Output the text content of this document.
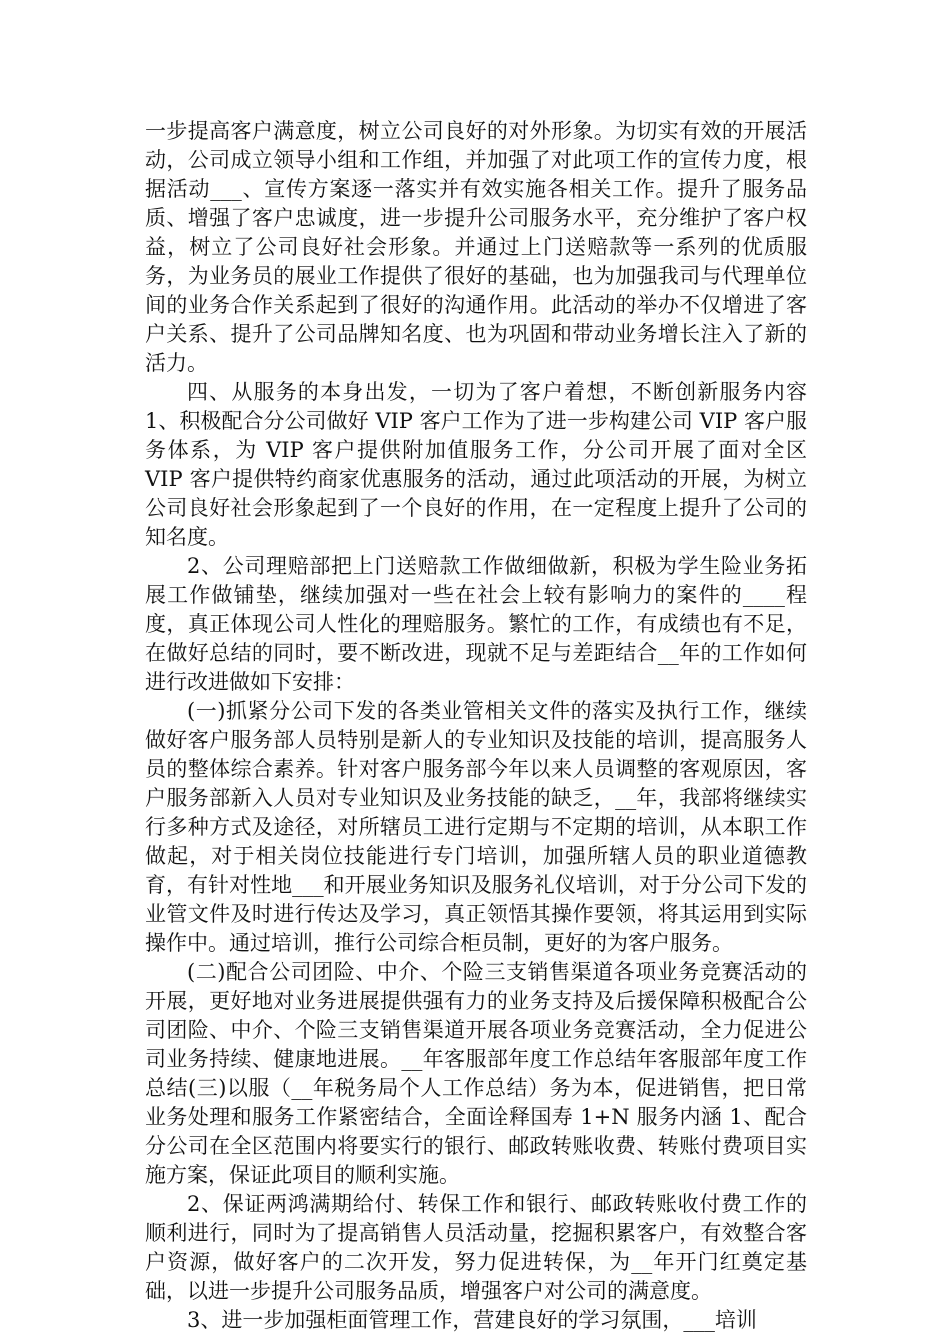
一步提高客户满意度，树立公司良好的对外形象。为切实有效的开展活动，公司成立领导小组和工作组，并加强了对此项工作的宣传力度，根据活动___、宣传方案逐一落实并有效实施各相关工作。提升了服务品质、增强了客户忠诚度，进一步提升公司服务水平，充分维护了客户权益，树立了公司良好社会形象。并通过上门送赔款等一系列的优质服务，为业务员的展业工作提供了很好的基础，也为加强我司与代理单位间的业务合作关系起到了很好的沟通作用。此活动的举办不仅增进了客户关系、提升了公司品牌知名度、也为巩固和带动业务增长注入了新的活力。

四、从服务的本身出发，一切为了客户着想，不断创新服务内容 1、积极配合分公司做好 VIP 客户工作为了进一步构建公司 VIP 客户服务体系，为 VIP 客户提供附加值服务工作，分公司开展了面对全区 VIP 客户提供特约商家优惠服务的活动，通过此项活动的开展，为树立公司良好社会形象起到了一个良好的作用，在一定程度上提升了公司的知名度。

2、公司理赔部把上门送赔款工作做细做新，积极为学生险业务拓展工作做铺垫，继续加强对一些在社会上较有影响力的案件的____程度，真正体现公司人性化的理赔服务。繁忙的工作，有成绩也有不足，在做好总结的同时，要不断改进，现就不足与差距结合__年的工作如何进行改进做如下安排：

(一)抓紧分公司下发的各类业管相关文件的落实及执行工作，继续做好客户服务部人员特别是新人的专业知识及技能的培训，提高服务人员的整体综合素养。针对客户服务部今年以来人员调整的客观原因，客户服务部新入人员对专业知识及业务技能的缺乏，__年，我部将继续实行多种方式及途径，对所辖员工进行定期与不定期的培训，从本职工作做起，对于相关岗位技能进行专门培训，加强所辖人员的职业道德教育，有针对性地___和开展业务知识及服务礼仪培训，对于分公司下发的业管文件及时进行传达及学习，真正领悟其操作要领，将其运用到实际操作中。通过培训，推行公司综合柜员制，更好的为客户服务。

(二)配合公司团险、中介、个险三支销售渠道各项业务竞赛活动的开展，更好地对业务进展提供强有力的业务支持及后援保障积极配合公司团险、中介、个险三支销售渠道开展各项业务竞赛活动，全力促进公司业务持续、健康地进展。__年客服部年度工作总结年客服部年度工作总结(三)以服（__年税务局个人工作总结）务为本，促进销售，把日常业务处理和服务工作紧密结合，全面诠释国寿 1+N 服务内涵 1、配合分公司在全区范围内将要实行的银行、邮政转账收费、转账付费项目实施方案，保证此项目的顺利实施。

2、保证两鸿满期给付、转保工作和银行、邮政转账收付费工作的顺利进行，同时为了提高销售人员活动量，挖掘积累客户，有效整合客户资源，做好客户的二次开发，努力促进转保，为__年开门红奠定基础，以进一步提升公司服务品质，增强客户对公司的满意度。

3、进一步加强柜面管理工作，营建良好的学习氛围，___培训
